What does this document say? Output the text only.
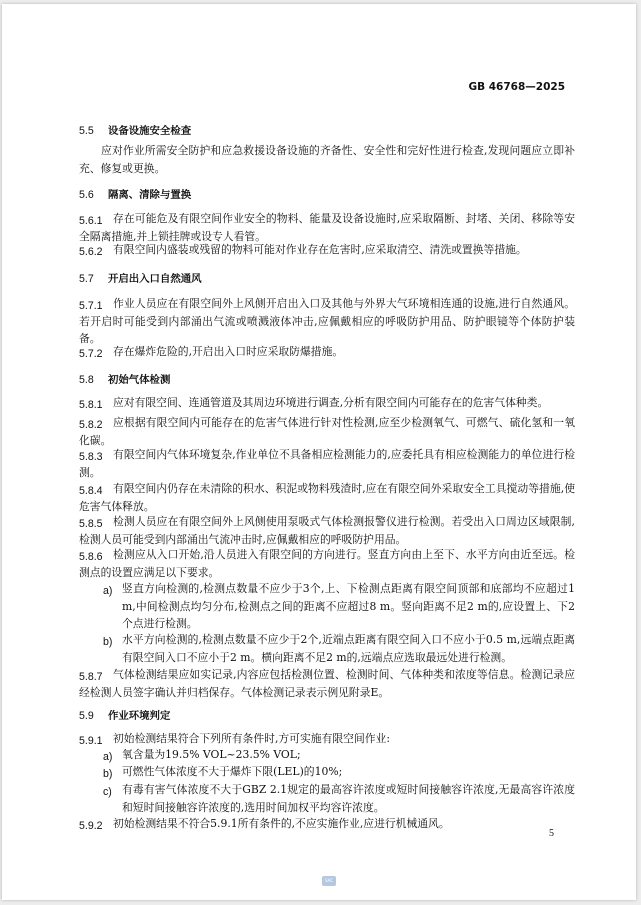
GB 46768—2025
5.5 设备设施安全检查

应对作业所需安全防护和应急救援设备设施的齐备性、安全性和完好性进行检查,发现问题应立即补充、修复或更换。

5.6 隔离、清除与置换
5.6.1 存在可能危及有限空间作业安全的物料、能量及设备设施时,应采取隔断、封堵、关闭、移除等安全隔离措施,并上锁挂牌或设专人看管。

5.6.2 有限空间内盛装或残留的物料可能对作业存在危害时,应采取清空、清洗或置换等措施。

5.7 开启出入口自然通风
5.7.1 作业人员应在有限空间外上风侧开启出入口及其他与外界大气环境相连通的设施,进行自然通风。若开启时可能受到内部涌出气流或喷溅液体冲击,应佩戴相应的呼吸防护用品、防护眼镜等个体防护装备。

5.7.2 存在爆炸危险的,开启出入口时应采取防爆措施。

5.8 初始气体检测
5.8.1 应对有限空间、连通管道及其周边环境进行调查,分析有限空间内可能存在的危害气体种类。

5.8.2 应根据有限空间内可能存在的危害气体进行针对性检测,应至少检测氧气、可燃气、硫化氢和一氧化碳。

5.8.3 有限空间内气体环境复杂,作业单位不具备相应检测能力的,应委托具有相应检测能力的单位进行检测。

5.8.4 有限空间内仍存在未清除的积水、积泥或物料残渣时,应在有限空间外采取安全工具搅动等措施,使危害气体释放。

5.8.5 检测人员应在有限空间外上风侧使用泵吸式气体检测报警仪进行检测。若受出入口周边区域限制,检测人员可能受到内部涌出气流冲击时,应佩戴相应的呼吸防护用品。

5.8.6 检测应从入口开始,沿人员进入有限空间的方向进行。竖直方向由上至下、水平方向由近至远。检测点的设置应满足以下要求。

a) 竖直方向检测的,检测点数量不应少于3个,上、下检测点距离有限空间顶部和底部均不应超过1 m,中间检测点均匀分布,检测点之间的距离不应超过8 m。竖向距离不足2 m的,应设置上、下2个点进行检测。

b) 水平方向检测的,检测点数量不应少于2个,近端点距离有限空间入口不应小于0.5 m,远端点距离有限空间入口不应小于2 m。横向距离不足2 m的,远端点应选取最远处进行检测。

5.8.7 气体检测结果应如实记录,内容应包括检测位置、检测时间、气体种类和浓度等信息。检测记录应经检测人员签字确认并归档保存。气体检测记录表示例见附录E。

5.9 作业环境判定
5.9.1 初始检测结果符合下列所有条件时,方可实施有限空间作业:

a) 氧含量为19.5% VOL~23.5% VOL;

b) 可燃性气体浓度不大于爆炸下限(LEL)的10%;

c) 有毒有害气体浓度不大于GBZ 2.1规定的最高容许浓度或短时间接触容许浓度,无最高容许浓度和短时间接触容许浓度的,选用时间加权平均容许浓度。

5.9.2 初始检测结果不符合5.9.1所有条件的,不应实施作业,应进行机械通风。

5
SAC
